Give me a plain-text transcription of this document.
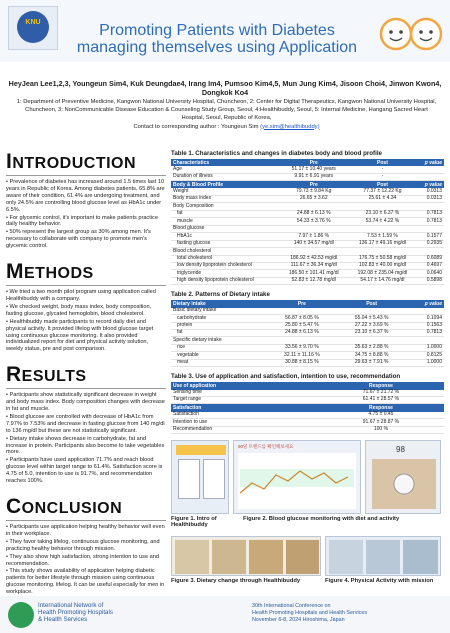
KNU	Promoting Patients with Diabetes
managing themselves using Application
HeyJean Lee1,2,3, Youngeun Sim4, Kuk Deungdae4, Irang Im4, Pumsoo Kim4,5, Mun Jung Kim4, Jisoon Choi4, Jinwon Kwon4, Dongkok Ko4
1: Department of Preventive Medicine, Kangwon National University Hospital, Chuncheon, 2: Center for Digital Therapeutics, Kangwon National University Hospital, Chuncheon, 3: NonCommunicable Disease Education & Counseling Study Group, Seoul, 4:Healthibuddy, Seoul, 5: Internal Medicine, Hangang Sacred Heart Hospital, Seoul, Republic of Korea,
Contact to corresponding author : Youngeun Sim (ye.sim@healthibuddy)
INTRODUCTION

• Prevalence of diabetes has increased around 1.5 times last 10 years in Republic of Korea. Among diabetes patients, 65.8% are aware of their condition, 61.4% are undergoing treatment, and only 24.5% are controlling blood glucose level as HbA1c under 6.5%.

• For glycemic control, it's important to make patients practice daily healthy behavior.

• 50% represent the largest group as 30% among men. It's necessary to collaborate with company to promote men's glycemic control.

METHODS

• We tried a two month pilot program using application called Healthibuddy with a company.

• We checked weight, body mass index, body composition, fasting glucose, glycated hemoglobin, blood cholesterol.

• Healthibuddy made participants to record daily diet and physical activity. It provided lifelog with blood glucose target using continuous glucose monitoring. It also provided individualized report for diet and physical activity solution, weekly status, pre and post comparison.

RESULTS

• Participants show statistically significant decrease in weight and body mass index. Body composition changes with decrease in fat and muscle.

• Blood glucose are controlled with decrease of HbA1c from 7.97% to 7.53% and decrease in fasting glucose from 140 mg/dl to 136 mg/dl but these are not statistically significant.

• Dietary intake shows decrease in carbohydrate, fat and increase in protein. Participants also become to take vegetables more.

• Participants have used application 71.7% and reach blood glucose level within target range to 61.4%. Satisfaction score is 4.75 of 5.0, intention to use is 91.7%, and recommendation reaches 100%.

CONCLUSION

• Participants use application helping healthy behavior well even in their workplace.

• They favor taking lifelog, continuous glucose monitoring, and practicing healthy behavior through mission.

• They also show high satisfaction, strong intention to use and recommendation.

• This study shows availability of application helping diabetic patients for better lifestyle through mission using continuous glucose monitoring. lifelog. It can be useful especially for men in workplace.

Table 1. Characteristics and changes in diabetes body and blood profile
Characteristics	Pre	Post	p value
Age	51.17 ± 10.40 years	-	
Duration of illness	9.91 ± 6.91 years	-	
Body & Blood Profile	Pre	Post	p value
Weight	79.73 ± 9.84 Kg	77.37 ± 12.22 Kg	0.0313
Body mass index	26.65 ± 3.62	25.61 ± 4.34	0.0313
Body Composition			
fat	24.88 ± 6.13 %	23.10 ± 6.37 %	0.7813
muscle	54.33 ± 3.76 %	53.74 ± 4.22 %	0.7813
Blood glucose			
HbA1c	7.97 ± 1.86 %	7.53 ± 1.59 %	0.1577
fasting glucose	140 ± 34.57 mg/dl	136.17 ± 49.16 mg/dl	0.2935
Blood cholesterol			
total cholesterol	186.92 ± 42.53 mg/dl	176.75 ± 50.58 mg/dl	0.6089
low density lipoprotein cholesterol	111.67 ± 36.34 mg/dl	102.83 ± 40.00 mg/dl	0.4697
triglyceride	186.50 ± 101.41 mg/dl	192.08 ± 235.04 mg/dl	0.0640
high density lipoprotein cholesterol	52.83 ± 12.78 mg/dl	54.17 ± 14.76 mg/dl	0.5898
Table 2. Patterns of Dietary intake
Dietary intake	Pre	Post	p value
Basic dietary intake			
carbohydrate	56.87 ± 8.05 %	55.04 ± 5.43 %	0.1094
protein	25.80 ± 5.47 %	27.22 ± 3.69 %	0.1563
fat	24.88 ± 6.13 %	23.10 ± 6.37 %	0.7813
Specific dietary intake			
rice	33.56 ± 9.70 %	35.63 ± 2.88 %	1.0000
vegetable	32.11 ± 11.16 %	34.75 ± 8.88 %	0.8125
meat	30.88 ± 8.15 %	29.63 ± 7.91 %	1.0000
Table 3. Use of application and satisfaction, intention to use, recommendation
Use of application	Response
Sensing time	71.67 ± 21.72 %
Target range	61.41 ± 28.57 %
Satisfaction	Response
Satisfaction	4.75 ± 0.45
Intention to use	91.67 ± 28.87 %
Recommendation	100 %
Figure 1. Intro of Healthibuddy
90일 트렌드를 확인해보세요	98
Figure 2. Blood glucose monitoring with diet and activity
Figure 3. Dietary change through Healthibuddy	Figure 4. Physical Activity with mission
International Network of
Health Promoting Hospitals
& Health Services
30th International Conference on
Health Promoting Hospitals and Health Services
November 6-8, 2024 Hiroshima, Japan
